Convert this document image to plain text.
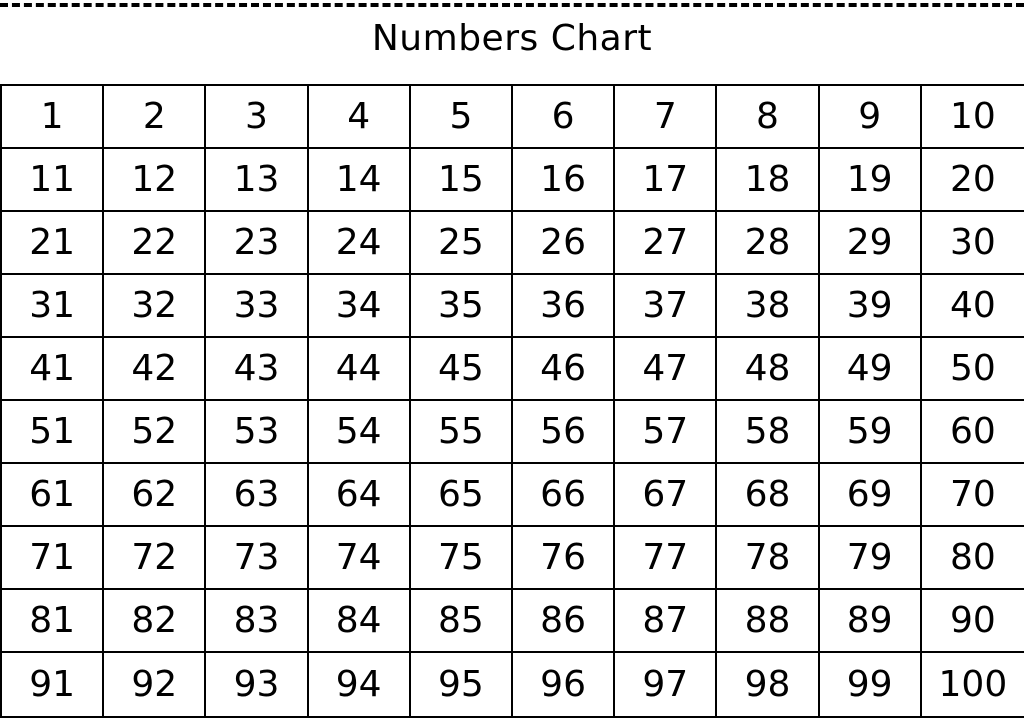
Numbers Chart
1	2	3	4	5	6	7	8	9	10
11	12	13	14	15	16	17	18	19	20
21	22	23	24	25	26	27	28	29	30
31	32	33	34	35	36	37	38	39	40
41	42	43	44	45	46	47	48	49	50
51	52	53	54	55	56	57	58	59	60
61	62	63	64	65	66	67	68	69	70
71	72	73	74	75	76	77	78	79	80
81	82	83	84	85	86	87	88	89	90
91	92	93	94	95	96	97	98	99	100
